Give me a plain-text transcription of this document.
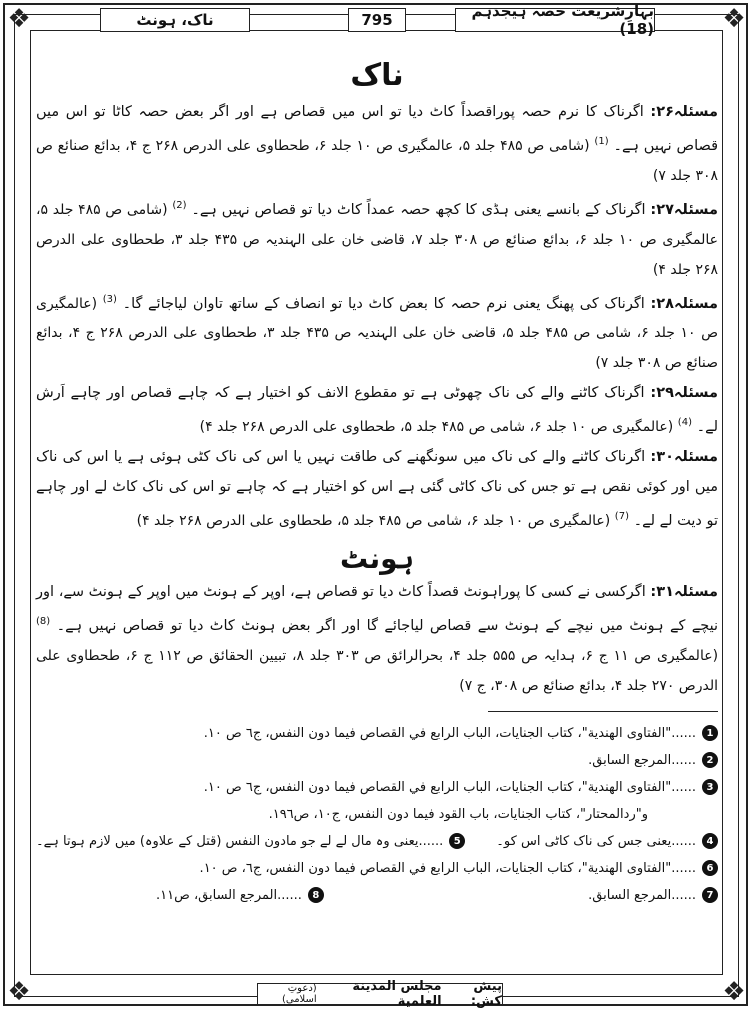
❖	❖
❖	❖
ناک، ہونٹ	795	بہارِشریعت حصہ ہیجدہم (18)
ناک

مسئلہ۲۶: اگرناک کا نرم حصہ پوراقصداً کاٹ دیا تو اس میں قصاص ہے اور اگر بعض حصہ کاٹا تو اس میں قصاص نہیں ہے۔ $^{(1)}$ (شامی ص ۴۸۵ جلد ۵، عالمگیری ص ۱۰ جلد ۶، طحطاوی علی الدرص ۲۶۸ ج ۴، بدائع صنائع ص ۳۰۸ جلد ۷)

مسئلہ۲۷: اگرناک کے بانسے یعنی ہڈی کا کچھ حصہ عمداً کاٹ دیا تو قصاص نہیں ہے۔ $^{(2)}$ (شامی ص ۴۸۵ جلد ۵، عالمگیری ص ۱۰ جلد ۶، بدائع صنائع ص ۳۰۸ جلد ۷، قاضی خان علی الہندیہ ص ۴۳۵ جلد ۳، طحطاوی علی الدرص ۲۶۸ جلد ۴)

مسئلہ۲۸: اگرناک کی پھنگ یعنی نرم حصہ کا بعض کاٹ دیا تو انصاف کے ساتھ تاوان لیاجائے گا۔ $^{(3)}$ (عالمگیری ص ۱۰ جلد ۶، شامی ص ۴۸۵ جلد ۵، قاضی خان علی الہندیہ ص ۴۳۵ جلد ۳، طحطاوی علی الدرص ۲۶۸ ج ۴، بدائع صنائع ص ۳۰۸ جلد ۷)

مسئلہ۲۹: اگرناک کاٹنے والے کی ناک چھوٹی ہے تو مقطوع الانف کو اختیار ہے کہ چاہے قصاص اور چاہے اَرش لے۔ $^{(4)}$ (عالمگیری ص ۱۰ جلد ۶، شامی ص ۴۸۵ جلد ۵، طحطاوی علی الدرص ۲۶۸ جلد ۴)

مسئلہ۳۰: اگرناک کاٹنے والے کی ناک میں سونگھنے کی طاقت نہیں یا اس کی ناک کٹی ہوئی ہے یا اس کی ناک میں اور کوئی نقص ہے تو جس کی ناک کاٹی گئی ہے اس کو اختیار ہے کہ چاہے تو اس کی ناک کاٹ لے اور چاہے تو دیت لے لے۔ $^{(7)}$ (عالمگیری ص ۱۰ جلد ۶، شامی ص ۴۸۵ جلد ۵، طحطاوی علی الدرص ۲۶۸ جلد ۴)

ہونٹ

مسئلہ۳۱: اگرکسی نے کسی کا پوراہونٹ قصداً کاٹ دیا تو قصاص ہے، اوپر کے ہونٹ میں اوپر کے ہونٹ سے، اور نیچے کے ہونٹ میں نیچے کے ہونٹ سے قصاص لیاجائے گا اور اگر بعض ہونٹ کاٹ دیا تو قصاص نہیں ہے۔ $^{(8)}$ (عالمگیری ص ۱۱ ج ۶، ہدایہ ص ۵۵۵ جلد ۴، بحرالرائق ص ۳۰۳ جلد ۸، تبیین الحقائق ص ۱۱۲ ج ۶، طحطاوی علی الدرص ۲۷۰ جلد ۴، بدائع صنائع ص ۳۰۸، ج ۷)

1
......"الفتاوى الهندية"، كتاب الجنايات، الباب الرابع في القصاص فيما دون النفس، ج٦ ص ١٠.
2
......المرجع السابق.
3
......"الفتاوى الهندية"، كتاب الجنايات، الباب الرابع في القصاص فيما دون النفس، ج٦ ص ١٠.
و"ردالمحتار"، كتاب الجنايات، باب القود فيما دون النفس، ج١٠، ص١٩٦.
4
......یعنی جس کی ناک کاٹی اس کو۔
5
......یعنی وہ مال لے لے جو مادون النفس (قتل کے علاوہ) میں لازم ہوتا ہے۔
6
......"الفتاوى الهندية"، كتاب الجنايات، الباب الرابع في القصاص فيما دون النفس، ج٦، ص ١٠.
7
......المرجع السابق.
8
......المرجع السابق، ص١١.
پیش کش:
مجلس المدينة العلمية
(دعوتِ اسلامی)
